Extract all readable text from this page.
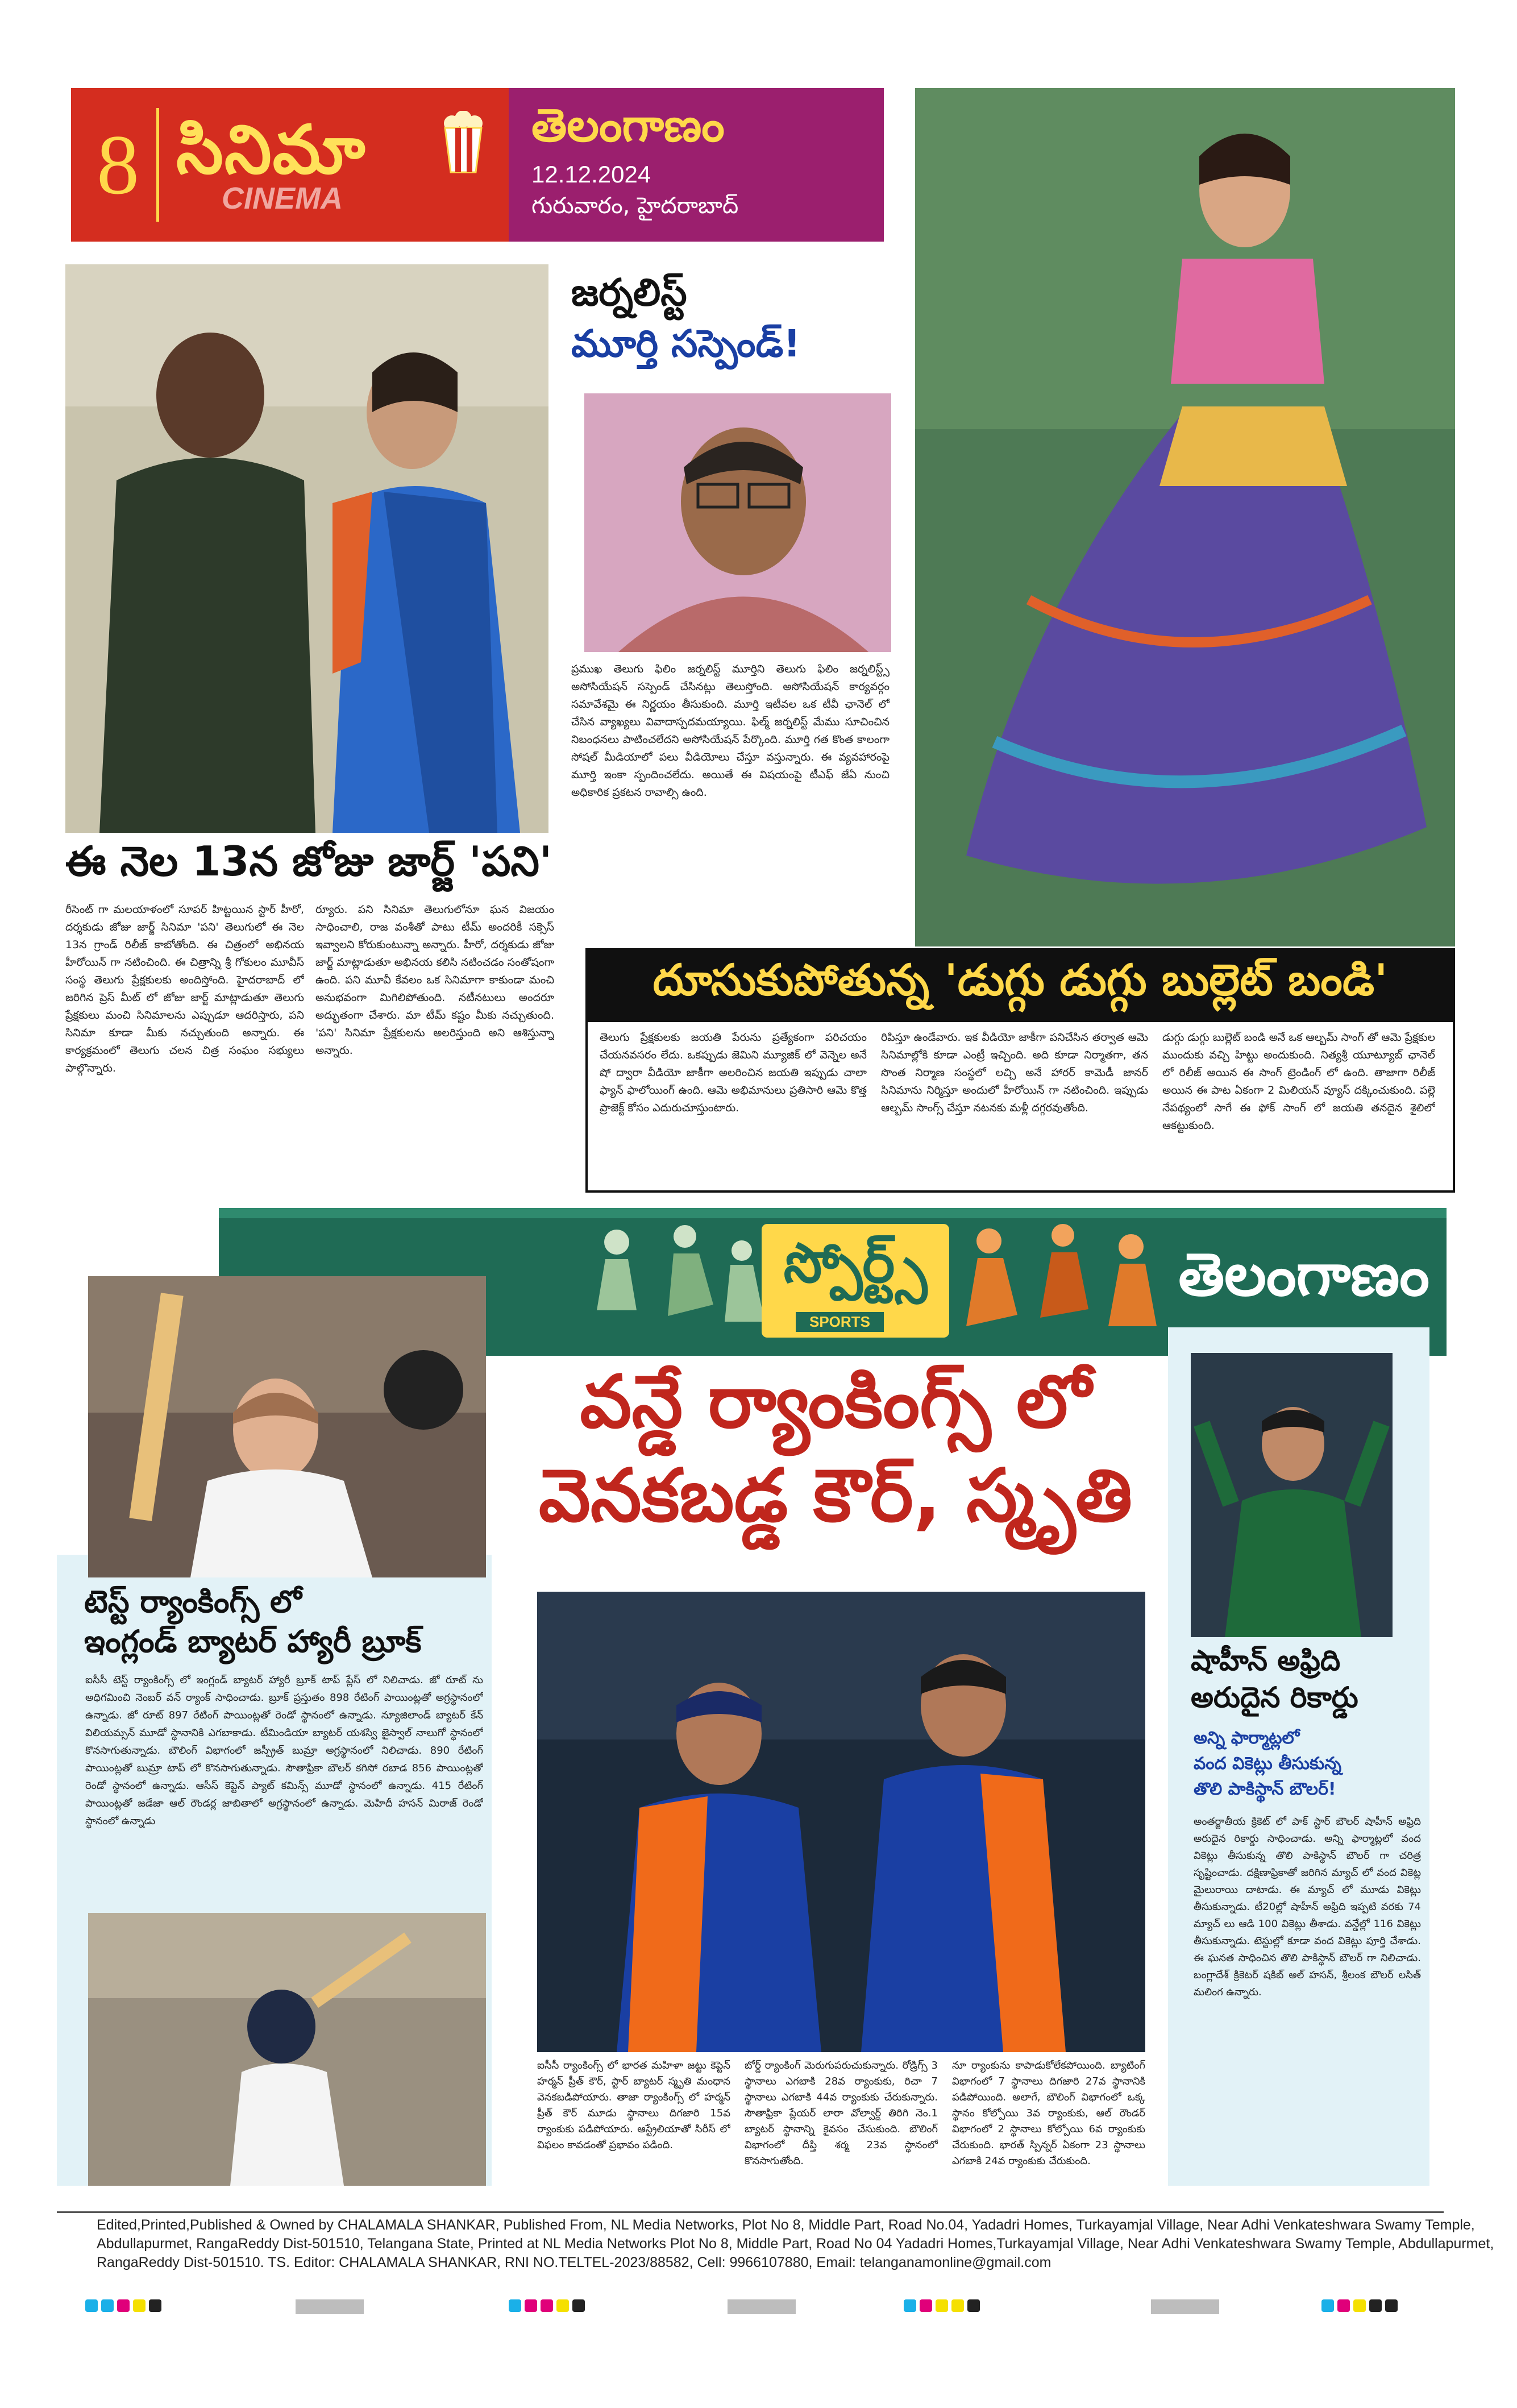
8 సినిమా
CINEMA
తెలంగాణం
12.12.2024
గురువారం, హైదరాబాద్
ఈ నెల 13న జోజు జార్జ్ 'పని'
రీసెంట్ గా మలయాళంలో సూపర్ హిట్టయిన స్టార్ హీరో, దర్శకుడు జోజు జార్జ్ సినిమా 'పని' తెలుగులో ఈ నెల 13న గ్రాండ్ రిలీజ్ కాబోతోంది. ఈ చిత్రంలో అభినయ హీరోయిన్ గా నటించింది. ఈ చిత్రాన్ని శ్రీ గోకులం మూవీస్ సంస్థ తెలుగు ప్రేక్షకులకు అందిస్తోంది. హైదరాబాద్ లో జరిగిన ప్రెస్ మీట్ లో జోజు జార్జ్ మాట్లాడుతూ తెలుగు ప్రేక్షకులు మంచి సినిమాలను ఎప్పుడూ ఆదరిస్తారు, పని సినిమా కూడా మీకు నచ్చుతుంది అన్నారు. ఈ కార్యక్రమంలో తెలుగు చలన చిత్ర సంఘం సభ్యులు పాల్గొన్నారు.
ర్యూరు. పని సినిమా తెలుగులోనూ ఘన విజయం సాధించాలి, రాజ వంశీతో పాటు టీమ్ అందరికీ సక్సెస్ ఇవ్వాలని కోరుకుంటున్నా అన్నారు. హీరో, దర్శకుడు జోజు జార్జ్ మాట్లాడుతూ అభినయ కలిసి నటించడం సంతోషంగా ఉంది. పని మూవీ కేవలం ఒక సినిమాగా కాకుండా మంచి అనుభవంగా మిగిలిపోతుంది. నటీనటులు అందరూ అద్భుతంగా చేశారు. మా టీమ్ కష్టం మీకు నచ్చుతుంది. 'పని' సినిమా ప్రేక్షకులను అలరిస్తుంది అని ఆశిస్తున్నా అన్నారు.
జర్నలిస్ట్
మూర్తి సస్పెండ్!
ప్రముఖ తెలుగు ఫిలిం జర్నలిస్ట్ మూర్తిని తెలుగు ఫిలిం జర్నలిస్ట్స్ అసోసియేషన్ సస్పెండ్ చేసినట్లు తెలుస్తోంది. అసోసియేషన్ కార్యవర్గం సమావేశమై ఈ నిర్ణయం తీసుకుంది. మూర్తి ఇటీవల ఒక టీవీ ఛానెల్ లో చేసిన వ్యాఖ్యలు వివాదాస్పదమయ్యాయి. ఫిల్మ్ జర్నలిస్ట్ మేము సూచించిన నిబంధనలు పాటించలేదని అసోసియేషన్ పేర్కొంది. మూర్తి గత కొంత కాలంగా సోషల్ మీడియాలో పలు వీడియోలు చేస్తూ వస్తున్నారు. ఈ వ్యవహారంపై మూర్తి ఇంకా స్పందించలేదు. అయితే ఈ విషయంపై టీఎఫ్ జేఏ నుంచి అధికారిక ప్రకటన రావాల్సి ఉంది.
దూసుకుపోతున్న 'డుగ్గు డుగ్గు బుల్లెట్ బండి'
తెలుగు ప్రేక్షకులకు జయతి పేరును ప్రత్యేకంగా పరిచయం చేయనవసరం లేదు. ఒకప్పుడు జెమిని మ్యూజిక్ లో వెన్నెల అనే షో ద్వారా వీడియో జాకీగా అలరించిన జయతి ఇప్పుడు చాలా ఫ్యాన్ ఫాలోయింగ్ ఉంది. ఆమె అభిమానులు ప్రతిసారి ఆమె కొత్త ప్రాజెక్ట్ కోసం ఎదురుచూస్తుంటారు.
రిపిస్తూ ఉండేవారు. ఇక వీడియో జాకీగా పనిచేసిన తర్వాత ఆమె సినిమాల్లోకి కూడా ఎంట్రీ ఇచ్చింది. అది కూడా నిర్మాతగా, తన సొంత నిర్మాణ సంస్థలో లచ్చి అనే హారర్ కామెడీ జానర్ సినిమాను నిర్మిస్తూ అందులో హీరోయిన్ గా నటించింది. ఇప్పుడు ఆల్బమ్ సాంగ్స్ చేస్తూ నటనకు మళ్లీ దగ్గరవుతోంది.
డుగ్గు డుగ్గు బుల్లెట్ బండి అనే ఒక ఆల్బమ్ సాంగ్ తో ఆమె ప్రేక్షకుల ముందుకు వచ్చి హిట్టు అందుకుంది. నిత్యశ్రీ యూట్యూబ్ ఛానెల్ లో రిలీజ్ అయిన ఈ సాంగ్ ట్రెండింగ్ లో ఉంది. తాజాగా రిలీజ్ అయిన ఈ పాట ఏకంగా 2 మిలియన్ వ్యూస్ దక్కించుకుంది. పల్లె నేపథ్యంలో సాగే ఈ ఫోక్ సాంగ్ లో జయతి తనదైన శైలిలో ఆకట్టుకుంది.
స్పోర్ట్స్
SPORTS
తెలంగాణం
వన్డే ర్యాంకింగ్స్ లో
వెనకబడ్డ కౌర్, స్మృతి
టెస్ట్ ర్యాంకింగ్స్ లో
ఇంగ్లండ్ బ్యాటర్ హ్యారీ బ్రూక్
ఐసీసీ టెస్ట్ ర్యాంకింగ్స్ లో ఇంగ్లండ్ బ్యాటర్ హ్యారీ బ్రూక్ టాప్ ప్లేస్ లో నిలిచాడు. జో రూట్ ను అధిగమించి నెంబర్ వన్ ర్యాంక్ సాధించాడు. బ్రూక్ ప్రస్తుతం 898 రేటింగ్ పాయింట్లతో అగ్రస్థానంలో ఉన్నాడు. జో రూట్ 897 రేటింగ్ పాయింట్లతో రెండో స్థానంలో ఉన్నాడు. న్యూజిలాండ్ బ్యాటర్ కేన్ విలియమ్సన్ మూడో స్థానానికి ఎగబాకాడు. టీమిండియా బ్యాటర్ యశస్వి జైస్వాల్ నాలుగో స్థానంలో కొనసాగుతున్నాడు. బౌలింగ్ విభాగంలో జస్ప్రీత్ బుమ్రా అగ్రస్థానంలో నిలిచాడు. 890 రేటింగ్ పాయింట్లతో బుమ్రా టాప్ లో కొనసాగుతున్నాడు. సౌతాఫ్రికా బౌలర్ కగిసో రబాడ 856 పాయింట్లతో రెండో స్థానంలో ఉన్నాడు. ఆసీస్ కెప్టెన్ ప్యాట్ కమిన్స్ మూడో స్థానంలో ఉన్నాడు. 415 రేటింగ్ పాయింట్లతో జడేజా ఆల్ రౌండర్ల జాబితాలో అగ్రస్థానంలో ఉన్నాడు. మెహిదీ హసన్ మిరాజ్ రెండో స్థానంలో ఉన్నాడు
ఐసీసీ ర్యాంకింగ్స్ లో భారత మహిళా జట్టు కెప్టెన్ హర్మన్ ప్రీత్ కౌర్, స్టార్ బ్యాటర్ స్మృతి మంధాన వెనకబడిపోయారు. తాజా ర్యాంకింగ్స్ లో హర్మన్ ప్రీత్ కౌర్ మూడు స్థానాలు దిగజారి 15వ ర్యాంకుకు పడిపోయారు. ఆస్ట్రేలియాతో సిరీస్ లో విఫలం కావడంతో ప్రభావం పడింది.
బోర్డ్ ర్యాంకింగ్ మెరుగుపరుచుకున్నారు. రోడ్రిగ్స్ 3 స్థానాలు ఎగబాకి 28వ ర్యాంకుకు, రిచా 7 స్థానాలు ఎగబాకి 44వ ర్యాంకుకు చేరుకున్నారు. సౌతాఫ్రికా ప్లేయర్ లారా వోల్వార్డ్ తిరిగి నెం.1 బ్యాటర్ స్థానాన్ని కైవసం చేసుకుంది. బౌలింగ్ విభాగంలో దీప్తి శర్మ 23వ స్థానంలో కొనసాగుతోంది.
నూ ర్యాంకును కాపాడుకోలేకపోయింది. బ్యాటింగ్ విభాగంలో 7 స్థానాలు దిగజారి 27వ స్థానానికి పడిపోయింది. అలాగే, బౌలింగ్ విభాగంలో ఒక్క స్థానం కోల్పోయి 3వ ర్యాంకుకు, ఆల్ రౌండర్ విభాగంలో 2 స్థానాలు కోల్పోయి 6వ ర్యాంకుకు చేరుకుంది. భారత్ స్పిన్నర్ ఏకంగా 23 స్థానాలు ఎగబాకి 24వ ర్యాంకుకు చేరుకుంది.
షాహీన్ అఫ్రిది
అరుదైన రికార్డు
అన్ని ఫార్మాట్లలో
వంద వికెట్లు తీసుకున్న
తొలి పాకిస్థాన్ బౌలర్!
అంతర్జాతీయ క్రికెట్ లో పాక్ స్టార్ బౌలర్ షాహీన్ అఫ్రిది అరుదైన రికార్డు సాధించాడు. అన్ని ఫార్మాట్లలో వంద వికెట్లు తీసుకున్న తొలి పాకిస్థాన్ బౌలర్ గా చరిత్ర సృష్టించాడు. దక్షిణాఫ్రికాతో జరిగిన మ్యాచ్ లో వంద వికెట్ల మైలురాయి దాటాడు. ఈ మ్యాచ్ లో మూడు వికెట్లు తీసుకున్నాడు. టీ20ల్లో షాహీన్ అఫ్రిది ఇప్పటి వరకు 74 మ్యాచ్ లు ఆడి 100 వికెట్లు తీశాడు. వన్డేల్లో 116 వికెట్లు తీసుకున్నాడు. టెస్టుల్లో కూడా వంద వికెట్లు పూర్తి చేశాడు. ఈ ఘనత సాధించిన తొలి పాకిస్థాన్ బౌలర్ గా నిలిచాడు. బంగ్లాదేశ్ క్రికెటర్ షకిబ్ అల్ హసన్, శ్రీలంక బౌలర్ లసిత్ మలింగ ఉన్నారు.
Edited,Printed,Published & Owned by CHALAMALA SHANKAR, Published From, NL Media Networks, Plot No 8, Middle Part, Road No.04, Yadadri Homes, Turkayamjal Village, Near Adhi Venkateshwara Swamy Temple,
Abdullapurmet, RangaReddy Dist-501510, Telangana State, Printed at NL Media Networks Plot No 8, Middle Part, Road No 04 Yadadri Homes,Turkayamjal Village, Near Adhi Venkateshwara Swamy Temple, Abdullapurmet,
RangaReddy Dist-501510. TS. Editor: CHALAMALA SHANKAR, RNI NO.TELTEL-2023/88582, Cell: 9966107880, Email: telanganamonline@gmail.com
